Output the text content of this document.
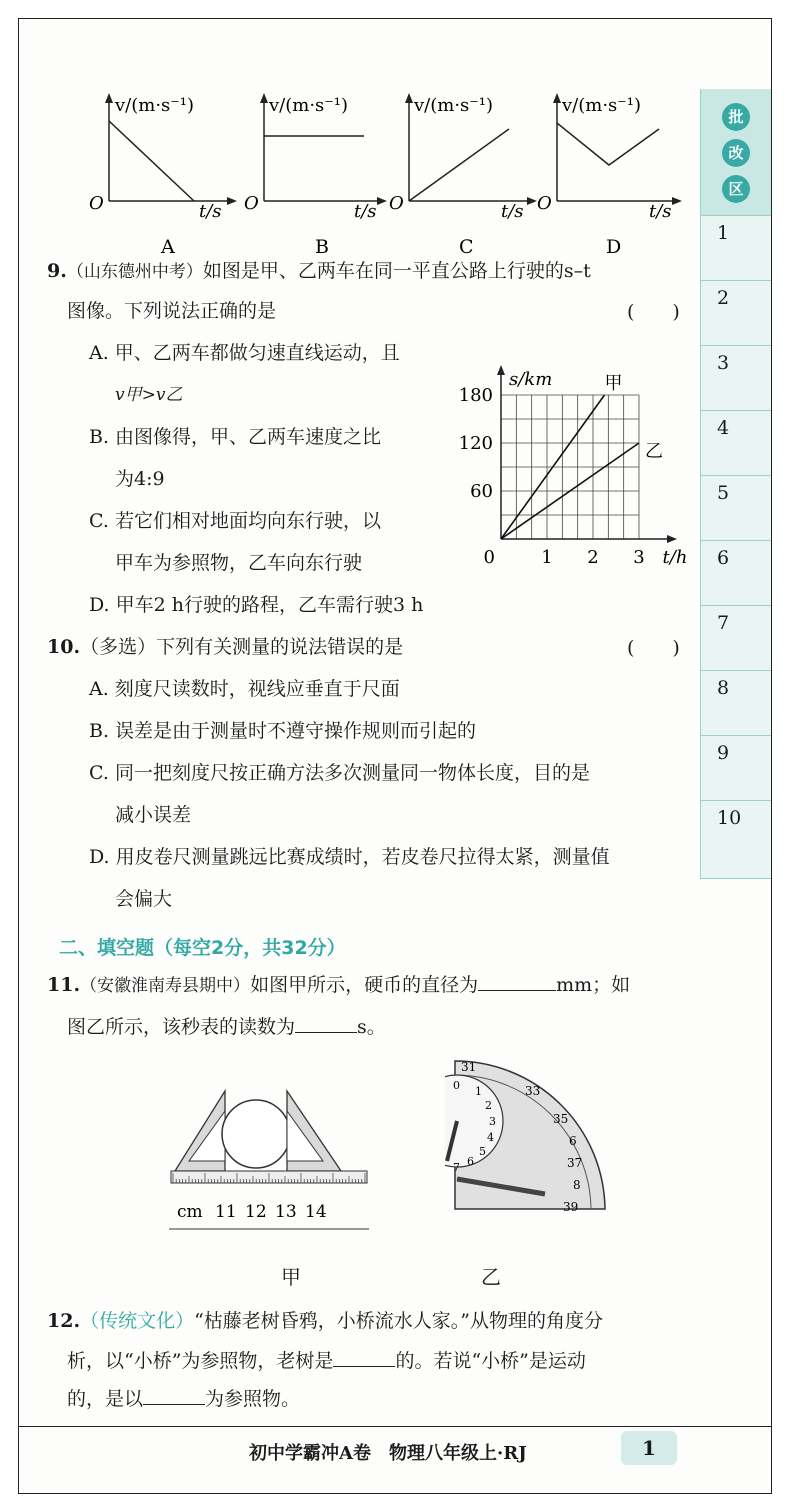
v/(m·s⁻¹)
t/s
O
A
v/(m·s⁻¹)
t/s
O
B
v/(m·s⁻¹)
t/s
O
C
v/(m·s⁻¹)
t/s
O
D
9.（山东德州中考）如图是甲、乙两车在同一平直公路上行驶的s–t
图像。下列说法正确的是	(　　)
A. 甲、乙两车都做匀速直线运动，且
v甲>v乙
B. 由图像得，甲、乙两车速度之比
为4:9
C. 若它们相对地面均向东行驶，以
甲车为参照物，乙车向东行驶
D. 甲车2 h行驶的路程，乙车需行驶3 h
1 2 3
60
120
180
0	t/h
s/km	甲
乙
10.（多选）下列有关测量的说法错误的是	(　　)
A. 刻度尺读数时，视线应垂直于尺面
B. 误差是由于测量时不遵守操作规则而引起的
C. 同一把刻度尺按正确方法多次测量同一物体长度，目的是
减小误差
D. 用皮卷尺测量跳远比赛成绩时，若皮卷尺拉得太紧，测量值
会偏大
二、填空题（每空2分，共32分）
11.（安徽淮南寿县期中）如图甲所示，硬币的直径为	mm；如
图乙所示，该秒表的读数为	s。
cm 11 12 13 14
甲
31
33
35
6
37
8
39
0 1
2
3
4
5
6
7
乙
12.（传统文化）“枯藤老树昏鸦，小桥流水人家。”从物理的角度分
析，以“小桥”为参照物，老树是	的。若说“小桥”是运动
的，是以	为参照物。
批
改
区
1
2
3
4
5
6
7
8
9
10
初中学霸冲A卷　物理八年级上·RJ	1
